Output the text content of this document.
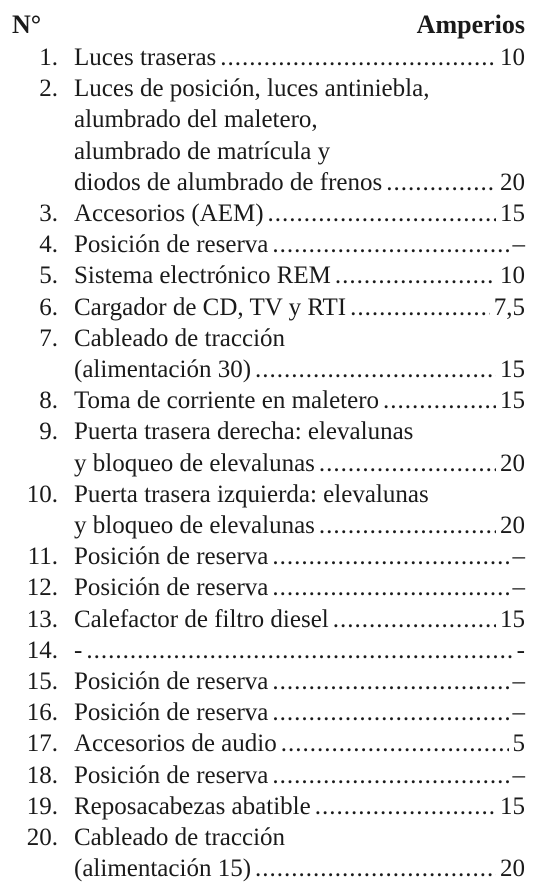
N°	Amperios
1. Luces traseras .....	10
2. Luces de posición, luces antiniebla,
alumbrado del maletero,
alumbrado de matrícula y
diodos de alumbrado de frenos .....	20
3. Accesorios (AEM) .....	15
4. Posición de reserva .....	–
5. Sistema electrónico REM .....	10
6. Cargador de CD, TV y RTI .....	7,5
7. Cableado de tracción
(alimentación 30) .....	15
8. Toma de corriente en maletero .....	15
9. Puerta trasera derecha: elevalunas
y bloqueo de elevalunas .....	20
10. Puerta trasera izquierda: elevalunas
y bloqueo de elevalunas .....	20
11. Posición de reserva .....	–
12. Posición de reserva .....	–
13. Calefactor de filtro diesel .....	15
14. - .....	-
15. Posición de reserva .....	–
16. Posición de reserva .....	–
17. Accesorios de audio .....	5
18. Posición de reserva .....	–
19. Reposacabezas abatible .....	15
20. Cableado de tracción
(alimentación 15) .....	20
